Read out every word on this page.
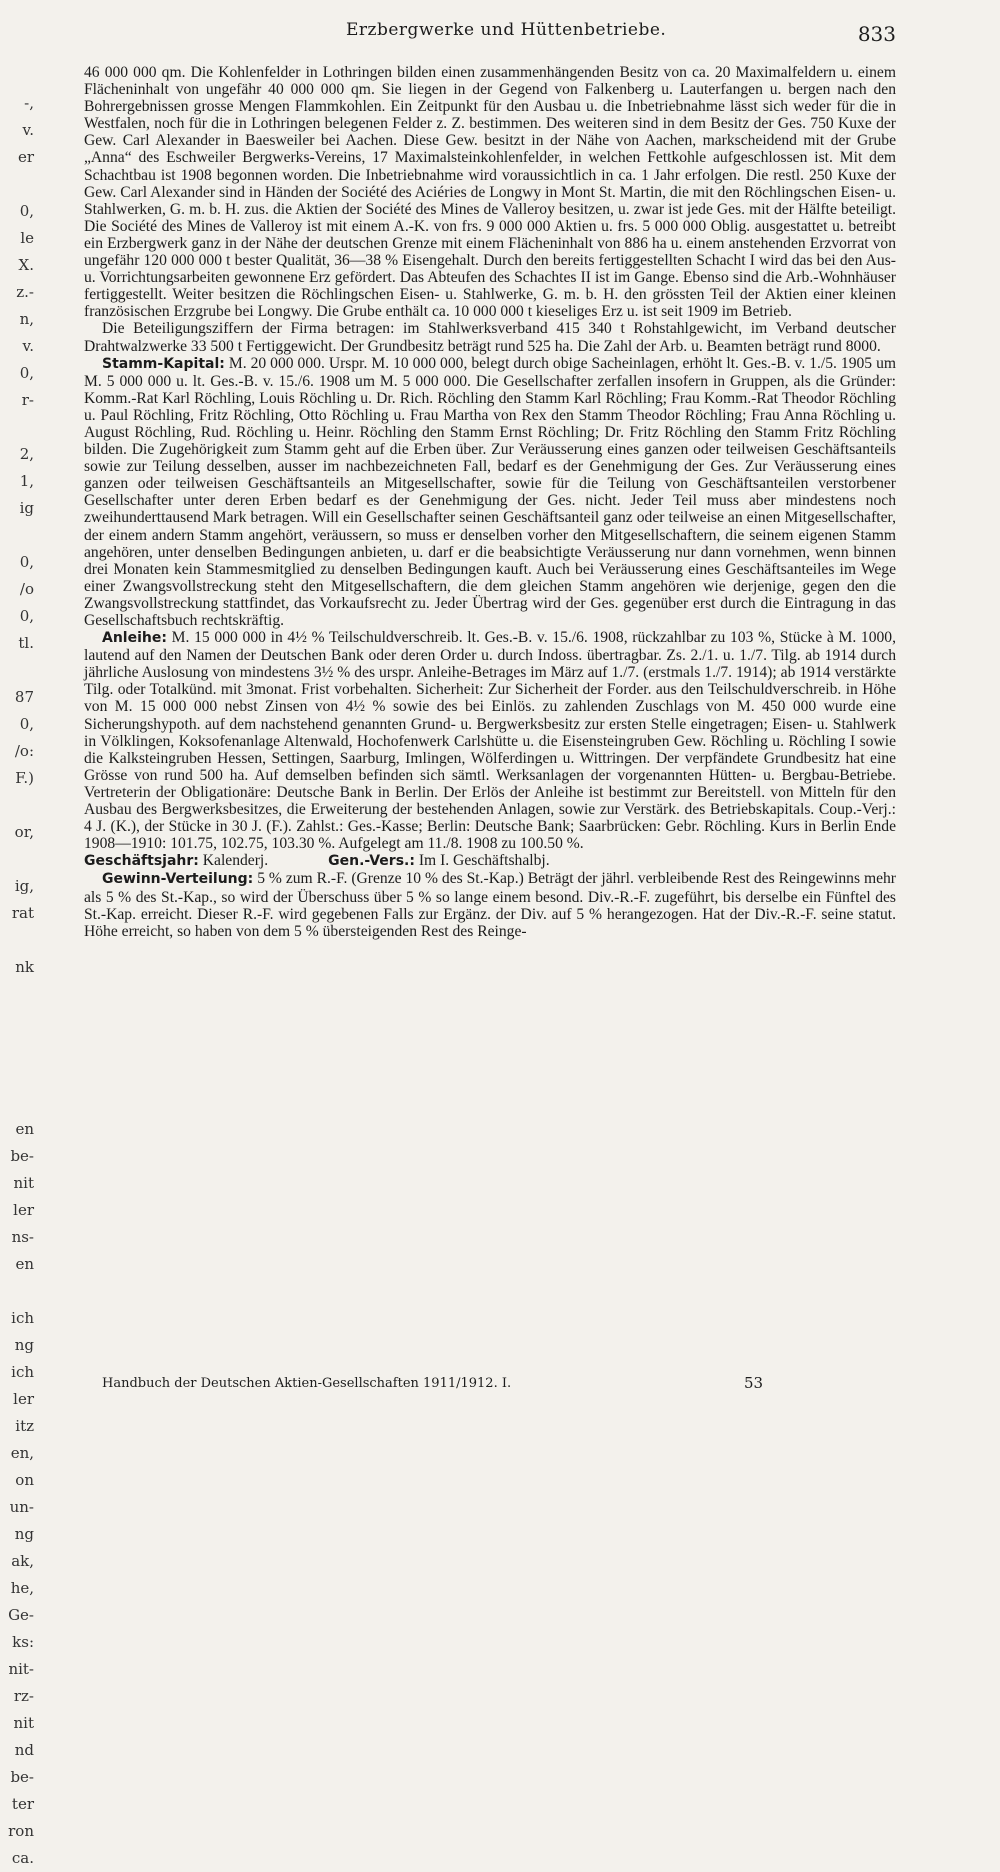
-,
v.
er

0,
le
X.
z.-
n,
v.
0,
r-

2,
1,
ig

0,
/o
0,
tl.

87
0,
/o:
F.)

or,

ig,
rat

nk

en
be-
nit
ler
ns-
en

ich
ng
ich
ler
itz
en,
on
un-
ng
ak,
he,
Ge-
ks:
nit-
rz-
nit
nd
be-
ter
ron
ca.
Erzbergwerke und Hüttenbetriebe.	833

46 000 000 qm. Die Kohlenfelder in Lothringen bilden einen zusammenhängenden Besitz von ca. 20 Maximalfeldern u. einem Flächeninhalt von ungefähr 40 000 000 qm. Sie liegen in der Gegend von Falkenberg u. Lauterfangen u. bergen nach den Bohrergebnissen grosse Mengen Flammkohlen. Ein Zeitpunkt für den Ausbau u. die Inbetriebnahme lässt sich weder für die in Westfalen, noch für die in Lothringen belegenen Felder z. Z. bestimmen. Des weiteren sind in dem Besitz der Ges. 750 Kuxe der Gew. Carl Alexander in Baesweiler bei Aachen. Diese Gew. besitzt in der Nähe von Aachen, markscheidend mit der Grube „Anna“ des Eschweiler Bergwerks-Vereins, 17 Maximalsteinkohlenfelder, in welchen Fettkohle aufgeschlossen ist. Mit dem Schachtbau ist 1908 begonnen worden. Die Inbetriebnahme wird voraussichtlich in ca. 1 Jahr erfolgen. Die restl. 250 Kuxe der Gew. Carl Alexander sind in Händen der Société des Aciéries de Longwy in Mont St. Martin, die mit den Röchlingschen Eisen- u. Stahlwerken, G. m. b. H. zus. die Aktien der Société des Mines de Valleroy besitzen, u. zwar ist jede Ges. mit der Hälfte beteiligt. Die Société des Mines de Valleroy ist mit einem A.-K. von frs. 9 000 000 Aktien u. frs. 5 000 000 Oblig. ausgestattet u. betreibt ein Erzbergwerk ganz in der Nähe der deutschen Grenze mit einem Flächeninhalt von 886 ha u. einem anstehenden Erzvorrat von ungefähr 120 000 000 t bester Qualität, 36—38 % Eisengehalt. Durch den bereits fertiggestellten Schacht I wird das bei den Aus- u. Vorrichtungsarbeiten gewonnene Erz gefördert. Das Abteufen des Schachtes II ist im Gange. Ebenso sind die Arb.-Wohnhäuser fertiggestellt. Weiter besitzen die Röchlingschen Eisen- u. Stahlwerke, G. m. b. H. den grössten Teil der Aktien einer kleinen französischen Erzgrube bei Longwy. Die Grube enthält ca. 10 000 000 t kieseliges Erz u. ist seit 1909 im Betrieb.

Die Beteiligungsziffern der Firma betragen: im Stahlwerksverband 415 340 t Rohstahlgewicht, im Verband deutscher Drahtwalzwerke 33 500 t Fertiggewicht. Der Grundbesitz beträgt rund 525 ha. Die Zahl der Arb. u. Beamten beträgt rund 8000.

Stamm-Kapital: M. 20 000 000. Urspr. M. 10 000 000, belegt durch obige Sacheinlagen, erhöht lt. Ges.-B. v. 1./5. 1905 um M. 5 000 000 u. lt. Ges.-B. v. 15./6. 1908 um M. 5 000 000. Die Gesellschafter zerfallen insofern in Gruppen, als die Gründer: Komm.-Rat Karl Röchling, Louis Röchling u. Dr. Rich. Röchling den Stamm Karl Röchling; Frau Komm.-Rat Theodor Röchling u. Paul Röchling, Fritz Röchling, Otto Röchling u. Frau Martha von Rex den Stamm Theodor Röchling; Frau Anna Röchling u. August Röchling, Rud. Röchling u. Heinr. Röchling den Stamm Ernst Röchling; Dr. Fritz Röchling den Stamm Fritz Röchling bilden. Die Zugehörigkeit zum Stamm geht auf die Erben über. Zur Veräusserung eines ganzen oder teilweisen Geschäftsanteils sowie zur Teilung desselben, ausser im nachbezeichneten Fall, bedarf es der Genehmigung der Ges. Zur Veräusserung eines ganzen oder teilweisen Geschäftsanteils an Mitgesellschafter, sowie für die Teilung von Geschäftsanteilen verstorbener Gesellschafter unter deren Erben bedarf es der Genehmigung der Ges. nicht. Jeder Teil muss aber mindestens noch zweihunderttausend Mark betragen. Will ein Gesellschafter seinen Geschäftsanteil ganz oder teilweise an einen Mitgesellschafter, der einem andern Stamm angehört, veräussern, so muss er denselben vorher den Mitgesellschaftern, die seinem eigenen Stamm angehören, unter denselben Bedingungen anbieten, u. darf er die beabsichtigte Veräusserung nur dann vornehmen, wenn binnen drei Monaten kein Stammesmitglied zu denselben Bedingungen kauft. Auch bei Veräusserung eines Geschäftsanteiles im Wege einer Zwangsvollstreckung steht den Mitgesellschaftern, die dem gleichen Stamm angehören wie derjenige, gegen den die Zwangsvollstreckung stattfindet, das Vorkaufsrecht zu. Jeder Übertrag wird der Ges. gegenüber erst durch die Eintragung in das Gesellschaftsbuch rechtskräftig.

Anleihe: M. 15 000 000 in 4½ % Teilschuldverschreib. lt. Ges.-B. v. 15./6. 1908, rückzahlbar zu 103 %, Stücke à M. 1000, lautend auf den Namen der Deutschen Bank oder deren Order u. durch Indoss. übertragbar. Zs. 2./1. u. 1./7. Tilg. ab 1914 durch jährliche Auslosung von mindestens 3½ % des urspr. Anleihe-Betrages im März auf 1./7. (erstmals 1./7. 1914); ab 1914 verstärkte Tilg. oder Totalkünd. mit 3monat. Frist vorbehalten. Sicherheit: Zur Sicherheit der Forder. aus den Teilschuldverschreib. in Höhe von M. 15 000 000 nebst Zinsen von 4½ % sowie des bei Einlös. zu zahlenden Zuschlags von M. 450 000 wurde eine Sicherungshypoth. auf dem nachstehend genannten Grund- u. Bergwerksbesitz zur ersten Stelle eingetragen; Eisen- u. Stahlwerk in Völklingen, Koksofenanlage Altenwald, Hochofenwerk Carlshütte u. die Eisensteingruben Gew. Röchling u. Röchling I sowie die Kalksteingruben Hessen, Settingen, Saarburg, Imlingen, Wölferdingen u. Wittringen. Der verpfändete Grundbesitz hat eine Grösse von rund 500 ha. Auf demselben befinden sich sämtl. Werksanlagen der vorgenannten Hütten- u. Bergbau-Betriebe. Vertreterin der Obligationäre: Deutsche Bank in Berlin. Der Erlös der Anleihe ist bestimmt zur Bereitstell. von Mitteln für den Ausbau des Bergwerksbesitzes, die Erweiterung der bestehenden Anlagen, sowie zur Verstärk. des Betriebskapitals. Coup.-Verj.: 4 J. (K.), der Stücke in 30 J. (F.). Zahlst.: Ges.-Kasse; Berlin: Deutsche Bank; Saarbrücken: Gebr. Röchling. Kurs in Berlin Ende 1908—1910: 101.75, 102.75, 103.30 %. Aufgelegt am 11./8. 1908 zu 100.50 %.

Geschäftsjahr: Kalenderj.	Gen.-Vers.: Im I. Geschäftshalbj.

Gewinn-Verteilung: 5 % zum R.-F. (Grenze 10 % des St.-Kap.) Beträgt der jährl. verbleibende Rest des Reingewinns mehr als 5 % des St.-Kap., so wird der Überschuss über 5 % so lange einem besond. Div.-R.-F. zugeführt, bis derselbe ein Fünftel des St.-Kap. erreicht. Dieser R.-F. wird gegebenen Falls zur Ergänz. der Div. auf 5 % herangezogen. Hat der Div.-R.-F. seine statut. Höhe erreicht, so haben von dem 5 % übersteigenden Rest des Reinge-

Handbuch der Deutschen Aktien-Gesellschaften 1911/1912. I.	53
